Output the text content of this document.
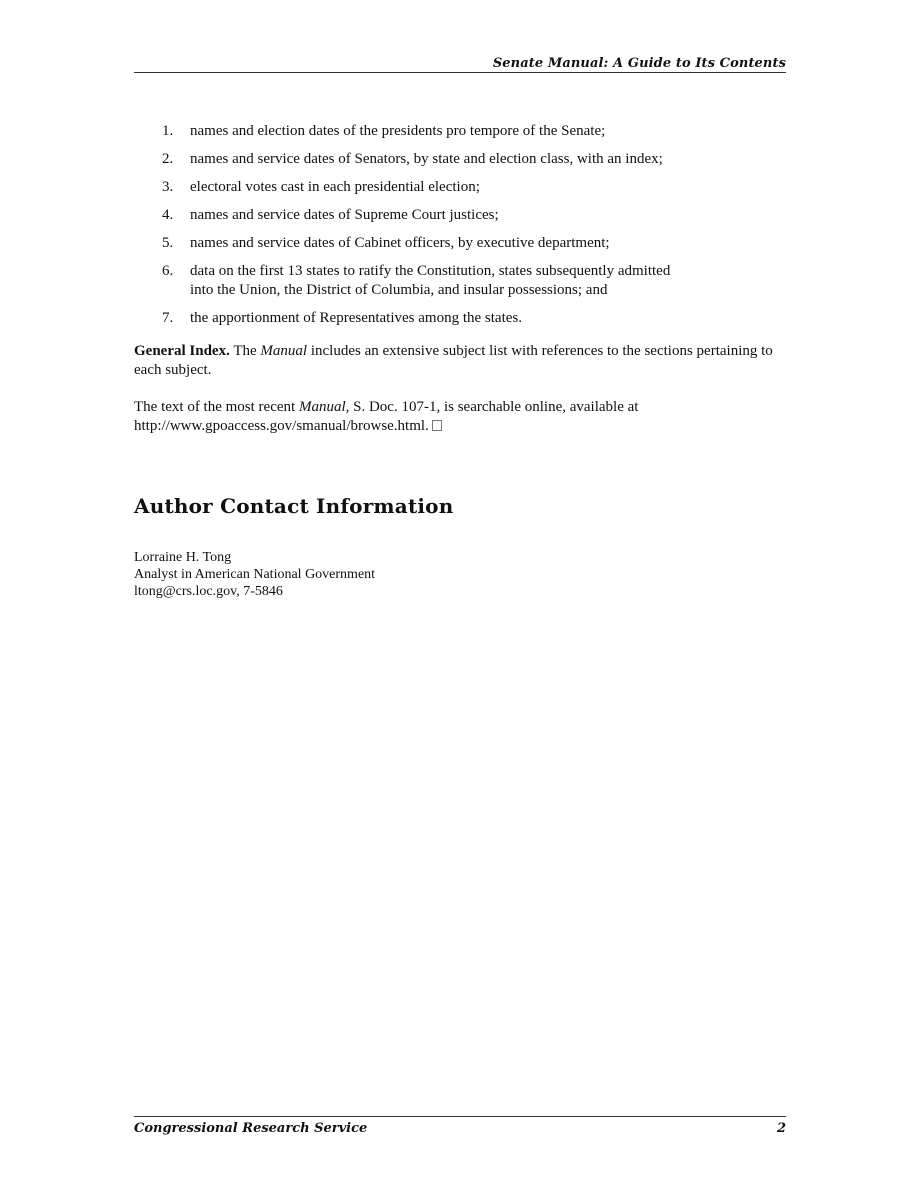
Senate Manual: A Guide to Its Contents
1.	names and election dates of the presidents pro tempore of the Senate;
2.	names and service dates of Senators, by state and election class, with an index;
3.	electoral votes cast in each presidential election;
4.	names and service dates of Supreme Court justices;
5.	names and service dates of Cabinet officers, by executive department;
6.	data on the first 13 states to ratify the Constitution, states subsequently admitted
into the Union, the District of Columbia, and insular possessions; and
7.	the apportionment of Representatives among the states.

General Index. The Manual includes an extensive subject list with references to the sections pertaining to each subject.

The text of the most recent Manual, S. Doc. 107-1, is searchable online, available at
http://www.gpoaccess.gov/smanual/browse.html.

Author Contact Information
Lorraine H. Tong
Analyst in American National Government
ltong@crs.loc.gov, 7-5846
Congressional Research Service	2
